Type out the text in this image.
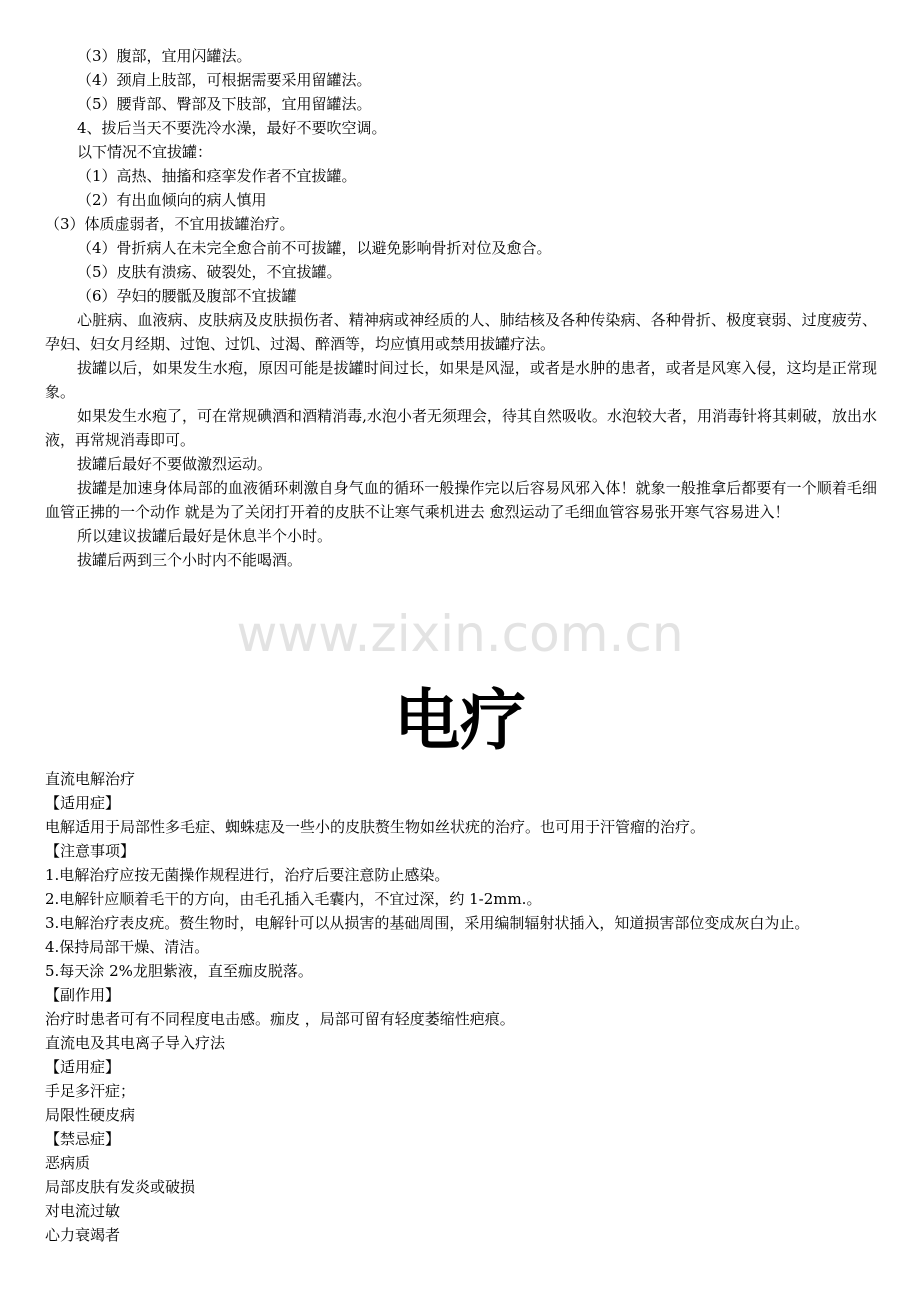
（3）腹部，宜用闪罐法。

（4）颈肩上肢部，可根据需要采用留罐法。

（5）腰背部、臀部及下肢部，宜用留罐法。

4、拔后当天不要洗冷水澡，最好不要吹空调。

以下情况不宜拔罐：

（1）高热、抽搐和痉挛发作者不宜拔罐。

（2）有出血倾向的病人慎用

（3）体质虚弱者，不宜用拔罐治疗。

（4）骨折病人在未完全愈合前不可拔罐，以避免影响骨折对位及愈合。

（5）皮肤有溃疡、破裂处，不宜拔罐。

（6）孕妇的腰骶及腹部不宜拔罐

心脏病、血液病、皮肤病及皮肤损伤者、精神病或神经质的人、肺结核及各种传染病、各种骨折、极度衰弱、过度疲劳、孕妇、妇女月经期、过饱、过饥、过渴、醉酒等，均应慎用或禁用拔罐疗法。

拔罐以后，如果发生水疱，原因可能是拔罐时间过长，如果是风湿，或者是水肿的患者，或者是风寒入侵，这均是正常现象。

如果发生水疱了，可在常规碘酒和酒精消毒,水泡小者无须理会，待其自然吸收。水泡较大者，用消毒针将其刺破，放出水液，再常规消毒即可。

拔罐后最好不要做激烈运动。

拔罐是加速身体局部的血液循环刺激自身气血的循环一般操作完以后容易风邪入体！就象一般推拿后都要有一个顺着毛细血管正拂的一个动作 就是为了关闭打开着的皮肤不让寒气乘机进去 愈烈运动了毛细血管容易张开寒气容易进入！

所以建议拔罐后最好是休息半个小时。

拔罐后两到三个小时内不能喝酒。

www.zixin.com.cn
电疗

直流电解治疗

【适用症】

电解适用于局部性多毛症、蜘蛛痣及一些小的皮肤赘生物如丝状疣的治疗。也可用于汗管瘤的治疗。

【注意事项】

1.电解治疗应按无菌操作规程进行，治疗后要注意防止感染。

2.电解针应顺着毛干的方向，由毛孔插入毛囊内，不宜过深，约 1-2mm.。

3.电解治疗表皮疣。赘生物时，电解针可以从损害的基础周围，采用编制辐射状插入，知道损害部位变成灰白为止。

4.保持局部干燥、清洁。

5.每天涂 2%龙胆紫液，直至痂皮脱落。

【副作用】

治疗时患者可有不同程度电击感。痂皮 ，局部可留有轻度萎缩性疤痕。

直流电及其电离子导入疗法

【适用症】

手足多汗症；

局限性硬皮病

【禁忌症】

恶病质

局部皮肤有发炎或破损

对电流过敏

心力衰竭者
